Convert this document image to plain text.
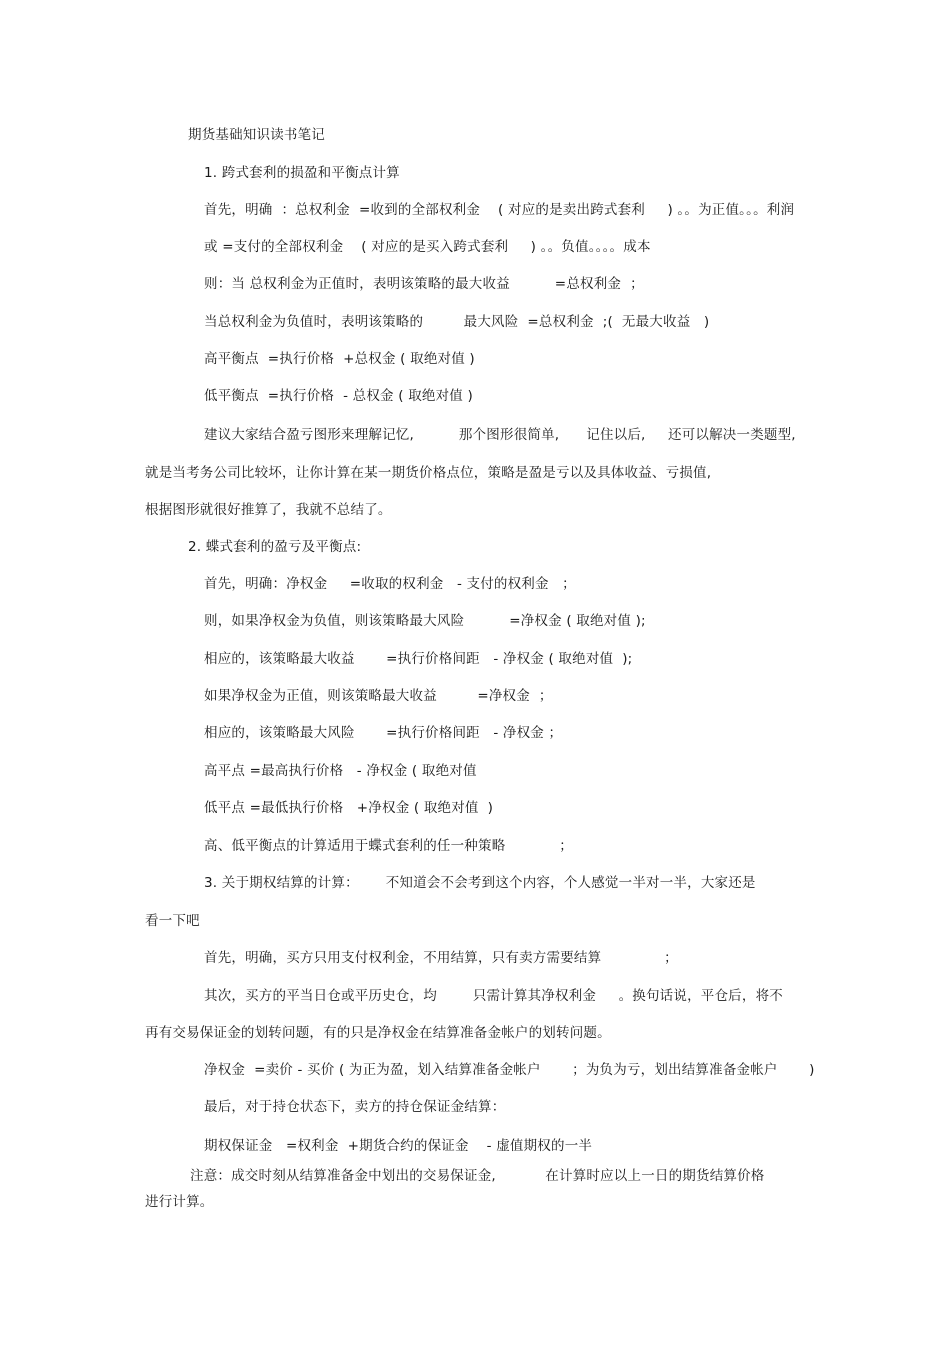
期货基础知识读书笔记
1. 跨式套利的损盈和平衡点计算
首先，明确  ：总权利金  =收到的全部权利金    ( 对应的是卖出跨式套利     ) 。。为正值。。。利润
或 =支付的全部权利金    ( 对应的是买入跨式套利     ) 。。负值。。。。成本
则：当 总权利金为正值时，表明该策略的最大收益          =总权利金  ；
当总权利金为负值时，表明该策略的         最大风险  =总权利金  ;(  无最大收益   )
高平衡点  =执行价格  +总权金 ( 取绝对值 )
低平衡点  =执行价格  - 总权金 ( 取绝对值 )
建议大家结合盈亏图形来理解记忆,          那个图形很简单,      记住以后,     还可以解决一类题型,
就是当考务公司比较坏，让你计算在某一期货价格点位，策略是盈是亏以及具体收益、亏损值,
根据图形就很好推算了，我就不总结了。
2. 蝶式套利的盈亏及平衡点:
首先，明确：净权金     =收取的权利金   - 支付的权利金   ；
则，如果净权金为负值，则该策略最大风险          =净权金 ( 取绝对值 );
相应的，该策略最大收益       =执行价格间距   - 净权金 ( 取绝对值  );
如果净权金为正值，则该策略最大收益         =净权金  ；
相应的，该策略最大风险       =执行价格间距   - 净权金 ；
高平点 =最高执行价格   - 净权金 ( 取绝对值
低平点 =最低执行价格   +净权金 ( 取绝对值  )
高、低平衡点的计算适用于蝶式套利的任一种策略            ；
3. 关于期权结算的计算：      不知道会不会考到这个内容，个人感觉一半对一半，大家还是
看一下吧
首先，明确，买方只用支付权利金，不用结算，只有卖方需要结算              ；
其次，买方的平当日仓或平历史仓，均        只需计算其净权利金     。换句话说，平仓后，将不
再有交易保证金的划转问题，有的只是净权金在结算准备金帐户的划转问题。
净权金  =卖价 - 买价 ( 为正为盈，划入结算准备金帐户       ；为负为亏，划出结算准备金帐户       )
最后，对于持仓状态下，卖方的持仓保证金结算：
期权保证金   =权利金  +期货合约的保证金    - 虚值期权的一半
注意：成交时刻从结算准备金中划出的交易保证金,           在计算时应以上一日的期货结算价格
进行计算。
